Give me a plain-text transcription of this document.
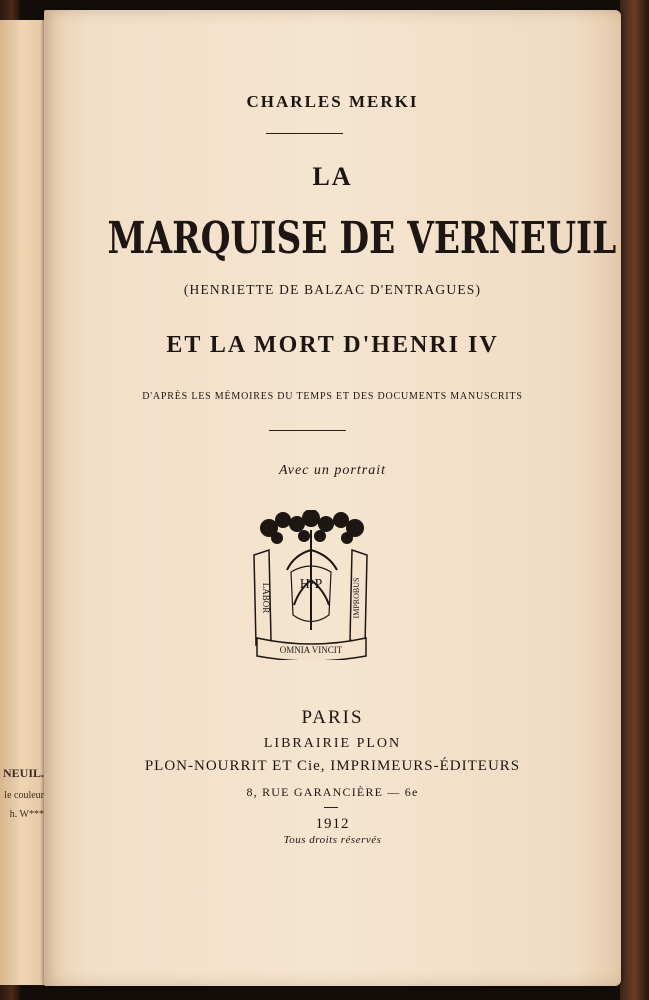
NEUIL.
le couleur
h. W***

CHARLES MERKI

LA

MARQUISE DE VERNEUIL

(HENRIETTE DE BALZAC D'ENTRAGUES)

ET LA MORT D'HENRI IV

D'APRÈS LES MÉMOIRES DU TEMPS ET DES DOCUMENTS MANUSCRITS

Avec un portrait

LABOR	IMPROBUS
H·P
OMNIA VINCIT

PARIS

LIBRAIRIE PLON

PLON-NOURRIT ET Cie, IMPRIMEURS-ÉDITEURS

8, RUE GARANCIÈRE — 6e

1912

Tous droits réservés
